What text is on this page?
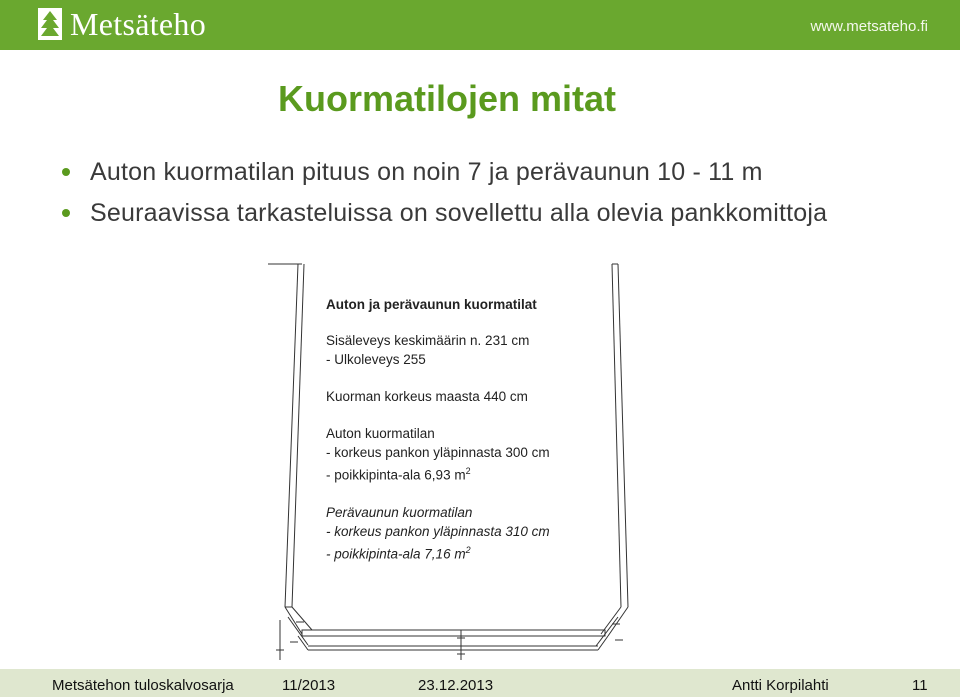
Metsäteho	www.metsateho.fi
Kuormatilojen mitat
Auton kuormatilan pituus on noin 7 ja perävaunun 10 - 11 m
Seuraavissa tarkasteluissa on sovellettu alla olevia pankkomittoja
Auton ja perävaunun kuormatilat
Sisäleveys keskimäärin n. 231 cm
- Ulkoleveys 255
Kuorman korkeus maasta 440 cm
Auton kuormatilan
- korkeus pankon yläpinnasta 300 cm
- poikkipinta-ala 6,93 $m^2$
Perävaunun kuormatilan
- korkeus pankon yläpinnasta 310 cm
- poikkipinta-ala 7,16 $m^2$
Metsätehon tuloskalvosarja	11/2013	23.12.2013	Antti Korpilahti	11
